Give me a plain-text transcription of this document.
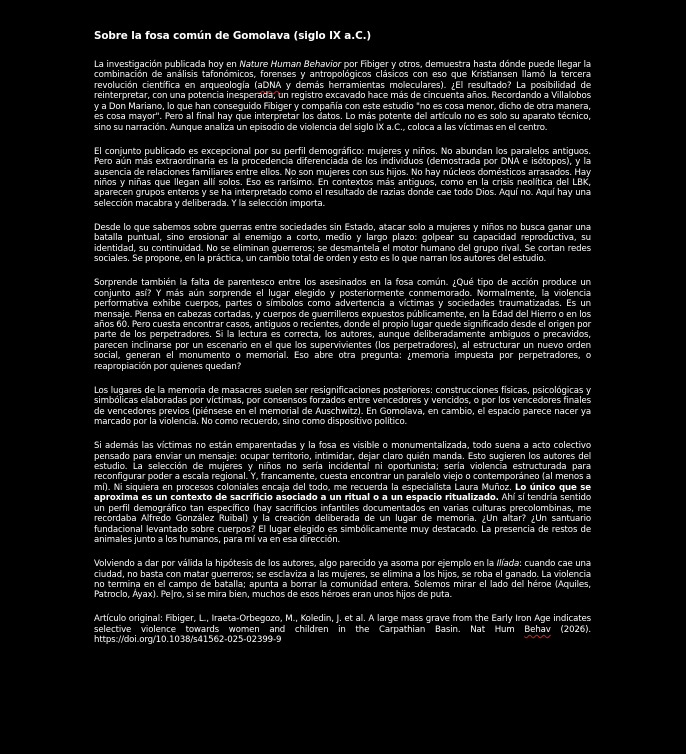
Sobre la fosa común de Gomolava (siglo IX a.C.)

La investigación publicada hoy en Nature Human Behavior por Fibiger y otros, demuestra hasta dónde puede llegar la combinación de análisis tafonómicos, forenses y antropológicos clásicos con eso que Kristiansen llamó la tercera revolución científica en arqueología (aDNA y demás herramientas moleculares). ¿El resultado? La posibilidad de reinterpretar, con una potencia inesperada, un registro excavado hace más de cincuenta años. Recordando a Villalobos y a Don Mariano, lo que han conseguido Fibiger y compañía con este estudio "no es cosa menor, dicho de otra manera, es cosa mayor". Pero al final hay que interpretar los datos. Lo más potente del artículo no es solo su aparato técnico, sino su narración. Aunque analiza un episodio de violencia del siglo IX a.C., coloca a las víctimas en el centro.

El conjunto publicado es excepcional por su perfil demográfico: mujeres y niños. No abundan los paralelos antiguos. Pero aún más extraordinaria es la procedencia diferenciada de los individuos (demostrada por DNA e isótopos), y la ausencia de relaciones familiares entre ellos. No son mujeres con sus hijos. No hay núcleos domésticos arrasados. Hay niños y niñas que llegan allí solos. Eso es rarísimo. En contextos más antiguos, como en la crisis neolítica del LBK, aparecen grupos enteros y se ha interpretado como el resultado de razias donde cae todo Dios. Aquí no. Aquí hay una selección macabra y deliberada. Y la selección importa.

Desde lo que sabemos sobre guerras entre sociedades sin Estado, atacar solo a mujeres y niños no busca ganar una batalla puntual, sino erosionar al enemigo a corto, medio y largo plazo: golpear su capacidad reproductiva, su identidad, su continuidad. No se eliminan guerreros; se desmantela el motor humano del grupo rival. Se cortan redes sociales. Se propone, en la práctica, un cambio total de orden y esto es lo que narran los autores del estudio.

Sorprende también la falta de parentesco entre los asesinados en la fosa común. ¿Qué tipo de acción produce un conjunto así? Y más aún sorprende el lugar elegido y posteriormente conmemorado. Normalmente, la violencia performativa exhibe cuerpos, partes o símbolos como advertencia a víctimas y sociedades traumatizadas. Es un mensaje. Piensa en cabezas cortadas, y cuerpos de guerrilleros expuestos públicamente, en la Edad del Hierro o en los años 60. Pero cuesta encontrar casos, antiguos o recientes, donde el propio lugar quede significado desde el origen por parte de los perpetradores. Si la lectura es correcta, los autores, aunque deliberadamente ambiguos o precavidos, parecen inclinarse por un escenario en el que los supervivientes (los perpetradores), al estructurar un nuevo orden social, generan el monumento o memorial. Eso abre otra pregunta: ¿memoria impuesta por perpetradores, o reapropiación por quienes quedan?

Los lugares de la memoria de masacres suelen ser resignificaciones posteriores: construcciones físicas, psicológicas y simbólicas elaboradas por víctimas, por consensos forzados entre vencedores y vencidos, o por los vencedores finales de vencedores previos (piénsese en el memorial de Auschwitz). En Gomolava, en cambio, el espacio parece nacer ya marcado por la violencia. No como recuerdo, sino como dispositivo político.

Si además las víctimas no están emparentadas y la fosa es visible o monumentalizada, todo suena a acto colectivo pensado para enviar un mensaje: ocupar territorio, intimidar, dejar claro quién manda. Esto sugieren los autores del estudio. La selección de mujeres y niños no sería incidental ni oportunista; sería violencia estructurada para reconfigurar poder a escala regional. Y, francamente, cuesta encontrar un paralelo viejo o contemporáneo (al menos a mí). Ni siquiera en procesos coloniales encaja del todo, me recuerda la especialista Laura Muñoz. Lo único que se aproxima es un contexto de sacrificio asociado a un ritual o a un espacio ritualizado. Ahí sí tendría sentido un perfil demográfico tan específico (hay sacrificios infantiles documentados en varias culturas precolombinas, me recordaba Alfredo González Ruibal) y la creación deliberada de un lugar de memoria. ¿Un altar? ¿Un santuario fundacional levantado sobre cuerpos? El lugar elegido es simbólicamente muy destacado. La presencia de restos de animales junto a los humanos, para mí va en esa dirección.

Volviendo a dar por válida la hipótesis de los autores, algo parecido ya asoma por ejemplo en la Ilíada: cuando cae una ciudad, no basta con matar guerreros; se esclaviza a las mujeres, se elimina a los hijos, se roba el ganado. La violencia no termina en el campo de batalla; apunta a borrar la comunidad entera. Solemos mirar el lado del héroe (Aquiles, Patroclo, Áyax). Pe|ro, si se mira bien, muchos de esos héroes eran unos hijos de puta.

Artículo original: Fibiger, L., Iraeta-Orbegozo, M., Koledin, J. et al. A large mass grave from the Early Iron Age indicates selective violence towards women and children in the Carpathian Basin. Nat Hum Behav (2026). https://doi.org/10.1038/s41562-025-02399-9
